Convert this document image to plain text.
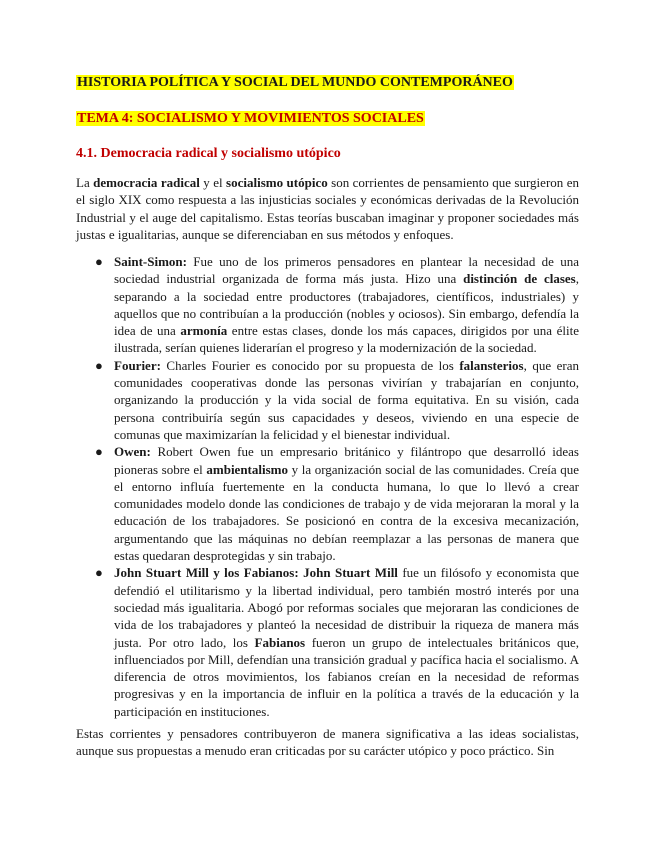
HISTORIA POLÍTICA Y SOCIAL DEL MUNDO CONTEMPORÁNEO
TEMA 4: SOCIALISMO Y MOVIMIENTOS SOCIALES
4.1. Democracia radical y socialismo utópico

La democracia radical y el socialismo utópico son corrientes de pensamiento que surgieron en el siglo XIX como respuesta a las injusticias sociales y económicas derivadas de la Revolución Industrial y el auge del capitalismo. Estas teorías buscaban imaginar y proponer sociedades más justas e igualitarias, aunque se diferenciaban en sus métodos y enfoques.

● Saint-Simon: Fue uno de los primeros pensadores en plantear la necesidad de una sociedad industrial organizada de forma más justa. Hizo una distinción de clases, separando a la sociedad entre productores (trabajadores, científicos, industriales) y aquellos que no contribuían a la producción (nobles y ociosos). Sin embargo, defendía la idea de una armonía entre estas clases, donde los más capaces, dirigidos por una élite ilustrada, serían quienes liderarían el progreso y la modernización de la sociedad.
● Fourier: Charles Fourier es conocido por su propuesta de los falansterios, que eran comunidades cooperativas donde las personas vivirían y trabajarían en conjunto, organizando la producción y la vida social de forma equitativa. En su visión, cada persona contribuiría según sus capacidades y deseos, viviendo en una especie de comunas que maximizarían la felicidad y el bienestar individual.
● Owen: Robert Owen fue un empresario británico y filántropo que desarrolló ideas pioneras sobre el ambientalismo y la organización social de las comunidades. Creía que el entorno influía fuertemente en la conducta humana, lo que lo llevó a crear comunidades modelo donde las condiciones de trabajo y de vida mejoraran la moral y la educación de los trabajadores. Se posicionó en contra de la excesiva mecanización, argumentando que las máquinas no debían reemplazar a las personas de manera que estas quedaran desprotegidas y sin trabajo.
● John Stuart Mill y los Fabianos: John Stuart Mill fue un filósofo y economista que defendió el utilitarismo y la libertad individual, pero también mostró interés por una sociedad más igualitaria. Abogó por reformas sociales que mejoraran las condiciones de vida de los trabajadores y planteó la necesidad de distribuir la riqueza de manera más justa. Por otro lado, los Fabianos fueron un grupo de intelectuales británicos que, influenciados por Mill, defendían una transición gradual y pacífica hacia el socialismo. A diferencia de otros movimientos, los fabianos creían en la necesidad de reformas progresivas y en la importancia de influir en la política a través de la educación y la participación en instituciones.

Estas corrientes y pensadores contribuyeron de manera significativa a las ideas socialistas, aunque sus propuestas a menudo eran criticadas por su carácter utópico y poco práctico. Sin
